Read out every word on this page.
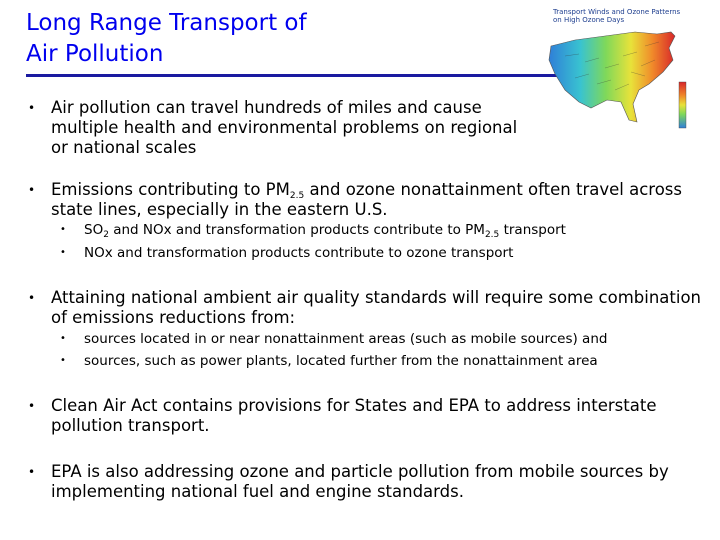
Long Range Transport of
Air Pollution
Transport Winds and Ozone Patterns
on High Ozone Days
• Air pollution can travel hundreds of miles and cause
multiple health and environmental problems on regional
or national scales
• Emissions contributing to $PM_{2.5}$ and ozone nonattainment often travel across
state lines, especially in the eastern U.S.
• $SO_2$ and NOx and transformation products contribute to $PM_{2.5}$ transport
• NOx and transformation products contribute to ozone transport
• Attaining national ambient air quality standards will require some combination
of emissions reductions from:
• sources located in or near nonattainment areas (such as mobile sources) and
• sources, such as power plants, located further from the nonattainment area
• Clean Air Act contains provisions for States and EPA to address interstate
pollution transport.
• EPA is also addressing ozone and particle pollution from mobile sources by
implementing national fuel and engine standards.
